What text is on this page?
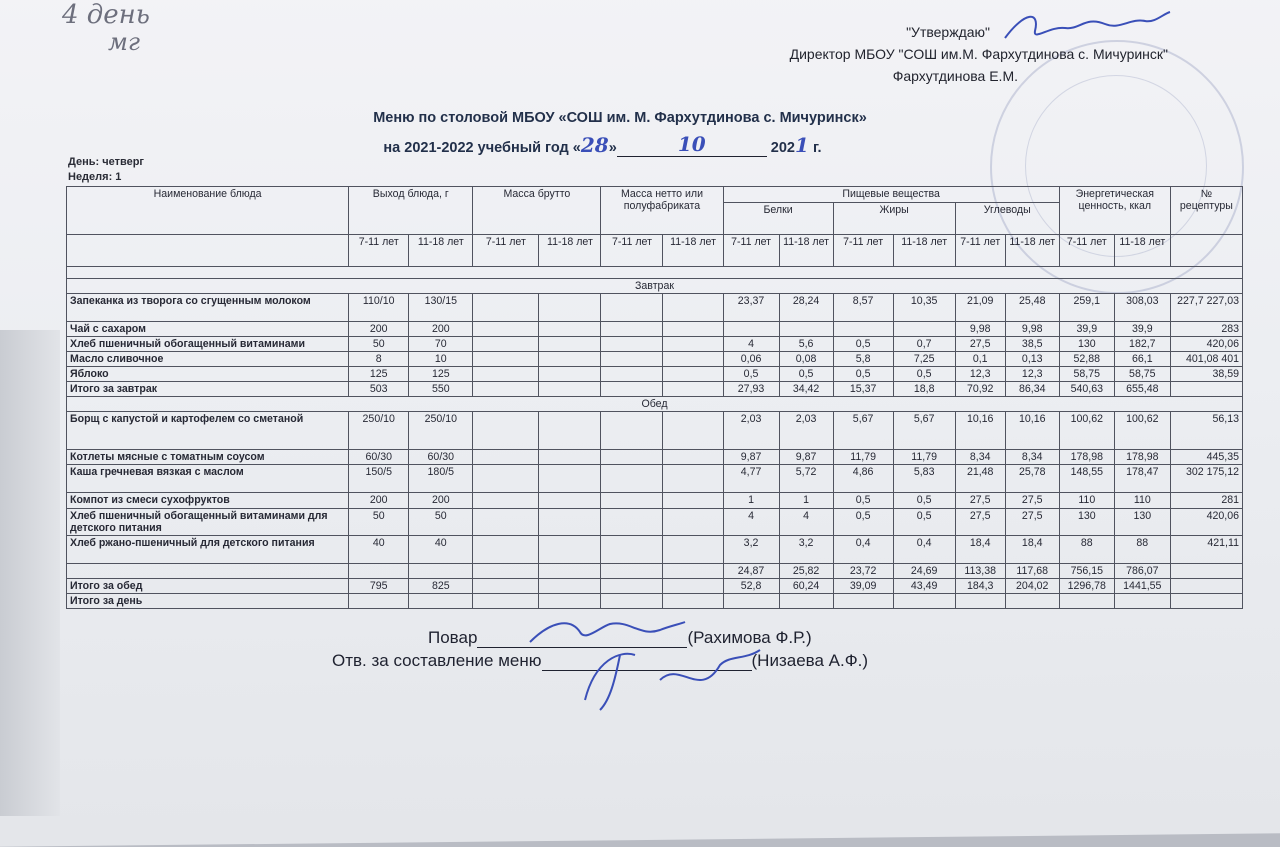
4 день
мг	"Утверждаю"
Директор МБОУ "СОШ им.М. Фархутдинова с. Мичуринск"
Фархутдинова Е.М.
Меню по столовой МБОУ «СОШ им. М. Фархутдинова с. Мичуринск»
на 2021-2022 учебный год «28»	10	2021 г.
День: четверг
Неделя: 1
Наименование блюда	Выход блюда, г		Масса брутто		Масса нетто или полуфабриката		Пищевые вещества						Энергетическая ценность, ккал		№ рецептуры
							Белки		Жиры		Углеводы				
	7-11 лет	11-18 лет	7-11 лет	11-18 лет	7-11 лет	11-18 лет	7-11 лет	11-18 лет	7-11 лет	11-18 лет	7-11 лет	11-18 лет	7-11 лет	11-18 лет	

Завтрак															
Запеканка из творога со сгущенным молоком	110/10	130/15					23,37	28,24	8,57	10,35	21,09	25,48	259,1	308,03	227,7 227,03
Чай с сахаром	200	200									9,98	9,98	39,9	39,9	283
Хлеб пшеничный обогащенный витаминами	50	70					4	5,6	0,5	0,7	27,5	38,5	130	182,7	420,06
Масло сливочное	8	10					0,06	0,08	5,8	7,25	0,1	0,13	52,88	66,1	401,08 401
Яблоко	125	125					0,5	0,5	0,5	0,5	12,3	12,3	58,75	58,75	38,59
Итого за завтрак	503	550					27,93	34,42	15,37	18,8	70,92	86,34	540,63	655,48	
Обед															
Борщ с капустой и картофелем со сметаной	250/10	250/10					2,03	2,03	5,67	5,67	10,16	10,16	100,62	100,62	56,13
Котлеты мясные с томатным соусом	60/30	60/30					9,87	9,87	11,79	11,79	8,34	8,34	178,98	178,98	445,35
Каша гречневая вязкая с маслом	150/5	180/5					4,77	5,72	4,86	5,83	21,48	25,78	148,55	178,47	302 175,12
Компот из смеси сухофруктов	200	200					1	1	0,5	0,5	27,5	27,5	110	110	281
Хлеб пшеничный обогащенный витаминами для детского питания	50	50					4	4	0,5	0,5	27,5	27,5	130	130	420,06
Хлеб ржано-пшеничный для детского питания	40	40					3,2	3,2	0,4	0,4	18,4	18,4	88	88	421,11
							24,87	25,82	23,72	24,69	113,38	117,68	756,15	786,07	
Итого за обед	795	825					52,8	60,24	39,09	43,49	184,3	204,02	1296,78	1441,55	
Итого за день															
Повар	(Рахимова Ф.Р.)
Отв. за составление меню	(Низаева А.Ф.)
